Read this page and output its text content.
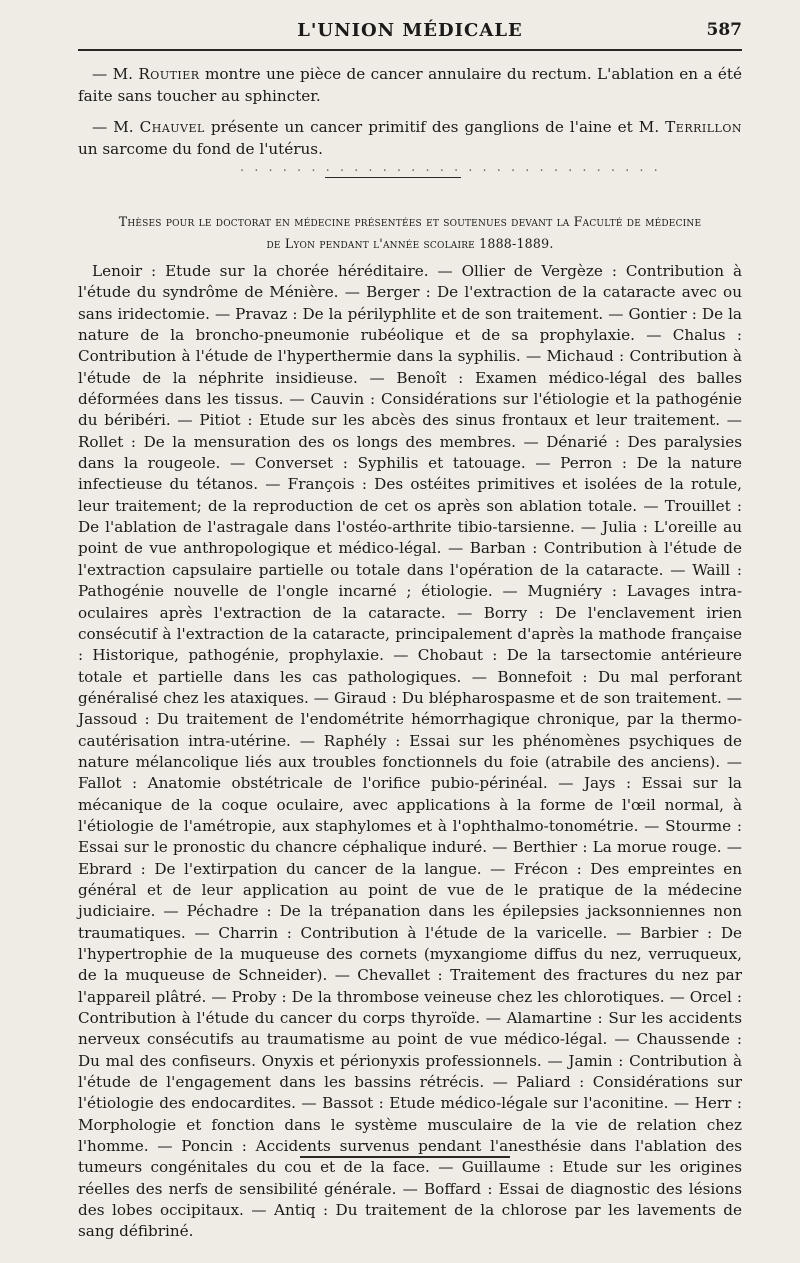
L'UNION MÉDICALE	587

— M. Routier montre une pièce de cancer annulaire du rectum. L'ablation en a été faite sans toucher au sphincter.

— M. Chauvel présente un cancer primitif des ganglions de l'aine et M. Terrillon un sarcome du fond de l'utérus.

. . . . . . . . . . . . . . . . . . . . . . . . . . . . . .
Thèses pour le doctorat en médecine présentées et soutenues devant la Faculté de médecine
de Lyon pendant l'année scolaire 1888-1889.

Lenoir : Etude sur la chorée héréditaire. — Ollier de Vergèze : Contribution à l'étude du syndrôme de Ménière. — Berger : De l'extraction de la cataracte avec ou sans iridectomie. — Pravaz : De la périlyphlite et de son traitement. — Gontier : De la nature de la broncho-pneumonie rubéolique et de sa prophylaxie. — Chalus : Contribution à l'étude de l'hyperthermie dans la syphilis. — Michaud : Contribution à l'étude de la néphrite insidieuse. — Benoît : Examen médico-légal des balles déformées dans les tissus. — Cauvin : Considérations sur l'étiologie et la pathogénie du béribéri. — Pitiot : Etude sur les abcès des sinus frontaux et leur traitement. — Rollet : De la mensuration des os longs des membres. — Dénarié : Des paralysies dans la rougeole. — Converset : Syphilis et tatouage. — Perron : De la nature infectieuse du tétanos. — François : Des ostéites primitives et isolées de la rotule, leur traitement; de la reproduction de cet os après son ablation totale. — Trouillet : De l'ablation de l'astragale dans l'ostéo-arthrite tibio-tarsienne. — Julia : L'oreille au point de vue anthropologique et médico-légal. — Barban : Contribution à l'étude de l'extraction capsulaire partielle ou totale dans l'opération de la cataracte. — Waill : Pathogénie nouvelle de l'ongle incarné ; étiologie. — Mugniéry : Lavages intra-oculaires après l'extraction de la cataracte. — Borry : De l'enclavement irien consécutif à l'extraction de la cataracte, principalement d'après la mathode française : Historique, pathogénie, prophylaxie. — Chobaut : De la tarsectomie antérieure totale et partielle dans les cas pathologiques. — Bonnefoit : Du mal perforant généralisé chez les ataxiques. — Giraud : Du blépharospasme et de son traitement. — Jassoud : Du traitement de l'endométrite hémorrhagique chronique, par la thermo-cautérisation intra-utérine. — Raphély : Essai sur les phénomènes psychiques de nature mélancolique liés aux troubles fonctionnels du foie (atrabile des anciens). — Fallot : Anatomie obstétricale de l'orifice pubio-périnéal. — Jays : Essai sur la mécanique de la coque oculaire, avec applications à la forme de l'œil normal, à l'étiologie de l'amétropie, aux staphylomes et à l'ophthalmo-tonométrie. — Stourme : Essai sur le pronostic du chancre céphalique induré. — Berthier : La morue rouge. — Ebrard : De l'extirpation du cancer de la langue. — Frécon : Des empreintes en général et de leur application au point de vue de le pratique de la médecine judiciaire. — Péchadre : De la trépanation dans les épilepsies jacksonniennes non traumatiques. — Charrin : Contribution à l'étude de la varicelle. — Barbier : De l'hypertrophie de la muqueuse des cornets (myxangiome diffus du nez, verruqueux, de la muqueuse de Schneider). — Chevallet : Traitement des fractures du nez par l'appareil plâtré. — Proby : De la thrombose veineuse chez les chlorotiques. — Orcel : Contribution à l'étude du cancer du corps thyroïde. — Alamartine : Sur les accidents nerveux consécutifs au traumatisme au point de vue médico-légal. — Chaussende : Du mal des confiseurs. Onyxis et périonyxis professionnels. — Jamin : Contribution à l'étude de l'engagement dans les bassins rétrécis. — Paliard : Considérations sur l'étiologie des endocardites. — Bassot : Etude médico-légale sur l'aconitine. — Herr : Morphologie et fonction dans le système musculaire de la vie de relation chez l'homme. — Poncin : Accidents survenus pendant l'anesthésie dans l'ablation des tumeurs congénitales du cou et de la face. — Guillaume : Etude sur les origines réelles des nerfs de sensibilité générale. — Boffard : Essai de diagnostic des lésions des lobes occipitaux. — Antiq : Du traitement de la chlorose par les lavements de sang défibriné.
